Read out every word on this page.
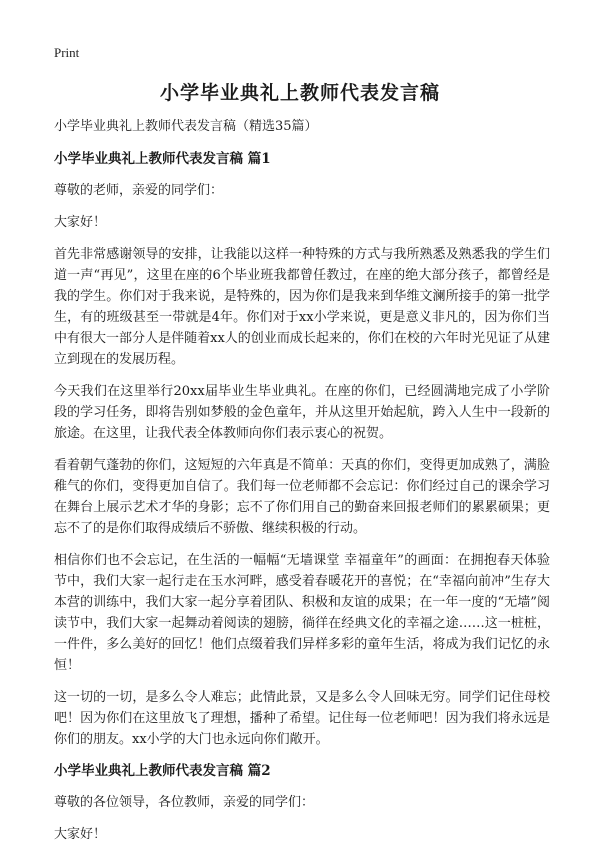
Print
小学毕业典礼上教师代表发言稿

小学毕业典礼上教师代表发言稿（精选35篇）

小学毕业典礼上教师代表发言稿 篇1

尊敬的老师，亲爱的同学们：

大家好！

首先非常感谢领导的安排，让我能以这样一种特殊的方式与我所熟悉及熟悉我的学生们道一声“再见”，这里在座的6个毕业班我都曾任教过，在座的绝大部分孩子，都曾经是我的学生。你们对于我来说，是特殊的，因为你们是我来到华维文澜所接手的第一批学生，有的班级甚至一带就是4年。你们对于xx小学来说，更是意义非凡的，因为你们当中有很大一部分人是伴随着xx人的创业而成长起来的，你们在校的六年时光见证了从建立到现在的发展历程。

今天我们在这里举行20xx届毕业生毕业典礼。在座的你们，已经圆满地完成了小学阶段的学习任务，即将告别如梦般的金色童年，并从这里开始起航，跨入人生中一段新的旅途。在这里，让我代表全体教师向你们表示衷心的祝贺。

看着朝气蓬勃的你们，这短短的六年真是不简单：天真的你们，变得更加成熟了，满脸稚气的你们，变得更加自信了。我们每一位老师都不会忘记：你们经过自己的课余学习在舞台上展示艺术才华的身影；忘不了你们用自己的勤奋来回报老师们的累累硕果；更忘不了的是你们取得成绩后不骄傲、继续积极的行动。

相信你们也不会忘记，在生活的一幅幅“无墙课堂 幸福童年”的画面：在拥抱春天体验节中，我们大家一起行走在玉水河畔，感受着春暖花开的喜悦；在“幸福向前冲”生存大本营的训练中，我们大家一起分享着团队、积极和友谊的成果；在一年一度的“无墙”阅读节中，我们大家一起舞动着阅读的翅膀，徜徉在经典文化的幸福之途……这一桩桩，一件件，多么美好的回忆！他们点缀着我们异样多彩的童年生活，将成为我们记忆的永恒！

这一切的一切，是多么令人难忘；此情此景，又是多么令人回味无穷。同学们记住母校吧！因为你们在这里放飞了理想，播种了希望。记住每一位老师吧！因为我们将永远是你们的朋友。xx小学的大门也永远向你们敞开。

小学毕业典礼上教师代表发言稿 篇2

尊敬的各位领导，各位教师，亲爱的同学们：

大家好！
